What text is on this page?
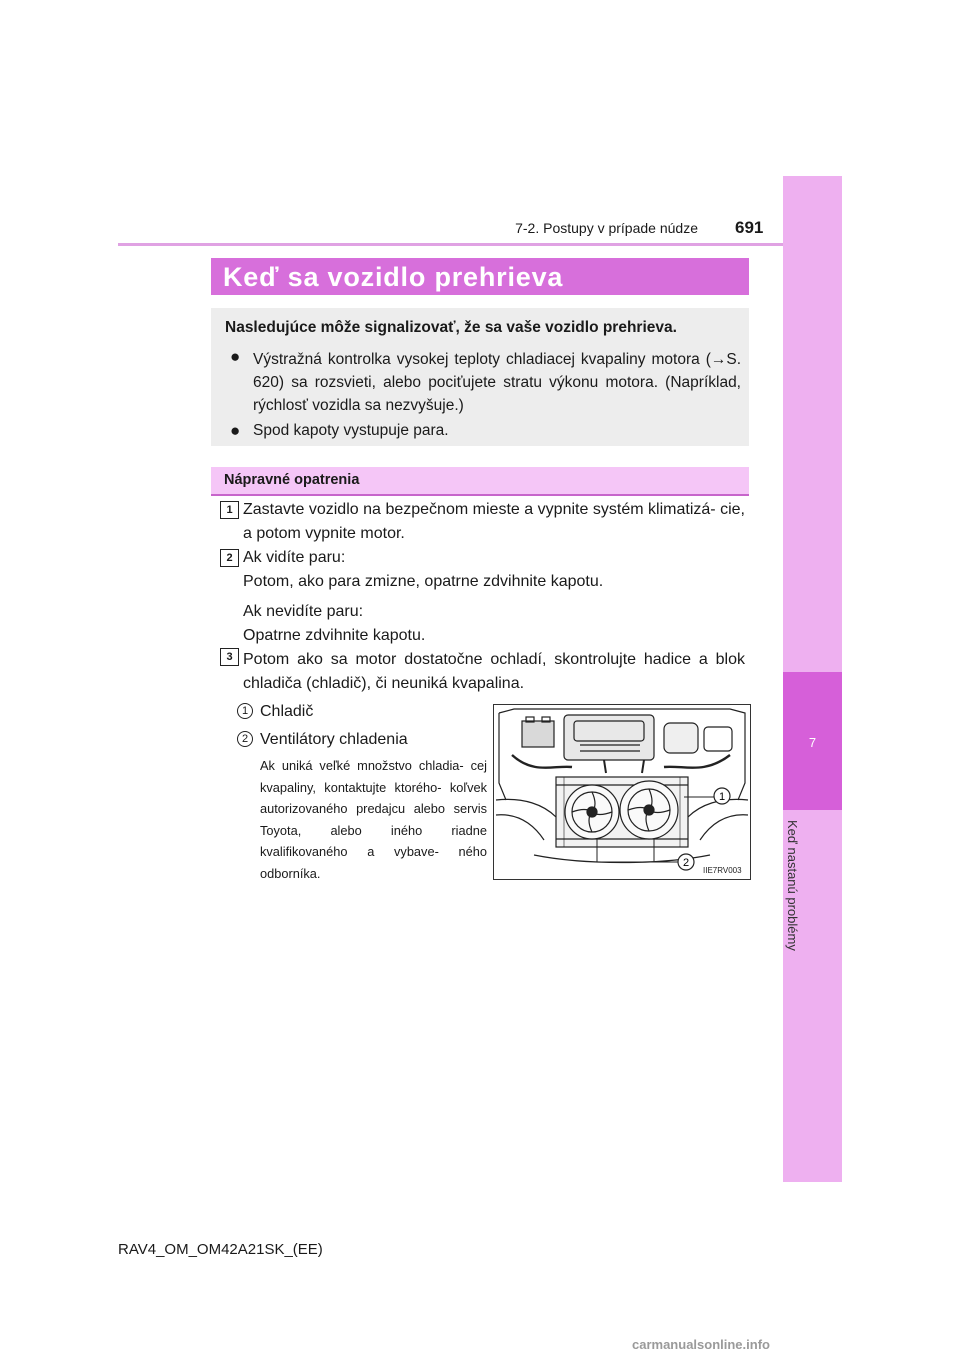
7
Keď nastanú problémy
7-2. Postupy v prípade núdze 691
Keď sa vozidlo prehrieva
Nasledujúce môže signalizovať, že sa vaše vozidlo prehrieva.
● Výstražná kontrolka vysokej teploty chladiacej kvapaliny motora (→S. 620) sa rozsvieti, alebo pociťujete stratu výkonu motora. (Napríklad, rýchlosť vozidla sa nezvyšuje.)
● Spod kapoty vystupuje para.
Nápravné opatrenia
1 Zastavte vozidlo na bezpečnom mieste a vypnite systém klimatizá- cie, a potom vypnite motor.
2 Ak vidíte paru:
Potom, ako para zmizne, opatrne zdvihnite kapotu.
Ak nevidíte paru:
Opatrne zdvihnite kapotu.
3 Potom ako sa motor dostatočne ochladí, skontrolujte hadice a blok chladiča (chladič), či neuniká kvapalina.
1 Chladič
2 Ventilátory chladenia
Ak uniká veľké množstvo chladia- cej kvapaliny, kontaktujte ktorého- koľvek autorizovaného predajcu alebo servis Toyota, alebo iného riadne kvalifikovaného a vybave- ného odborníka.
1
2
IIE7RV003
RAV4_OM_OM42A21SK_(EE)
carmanualsonline.info
